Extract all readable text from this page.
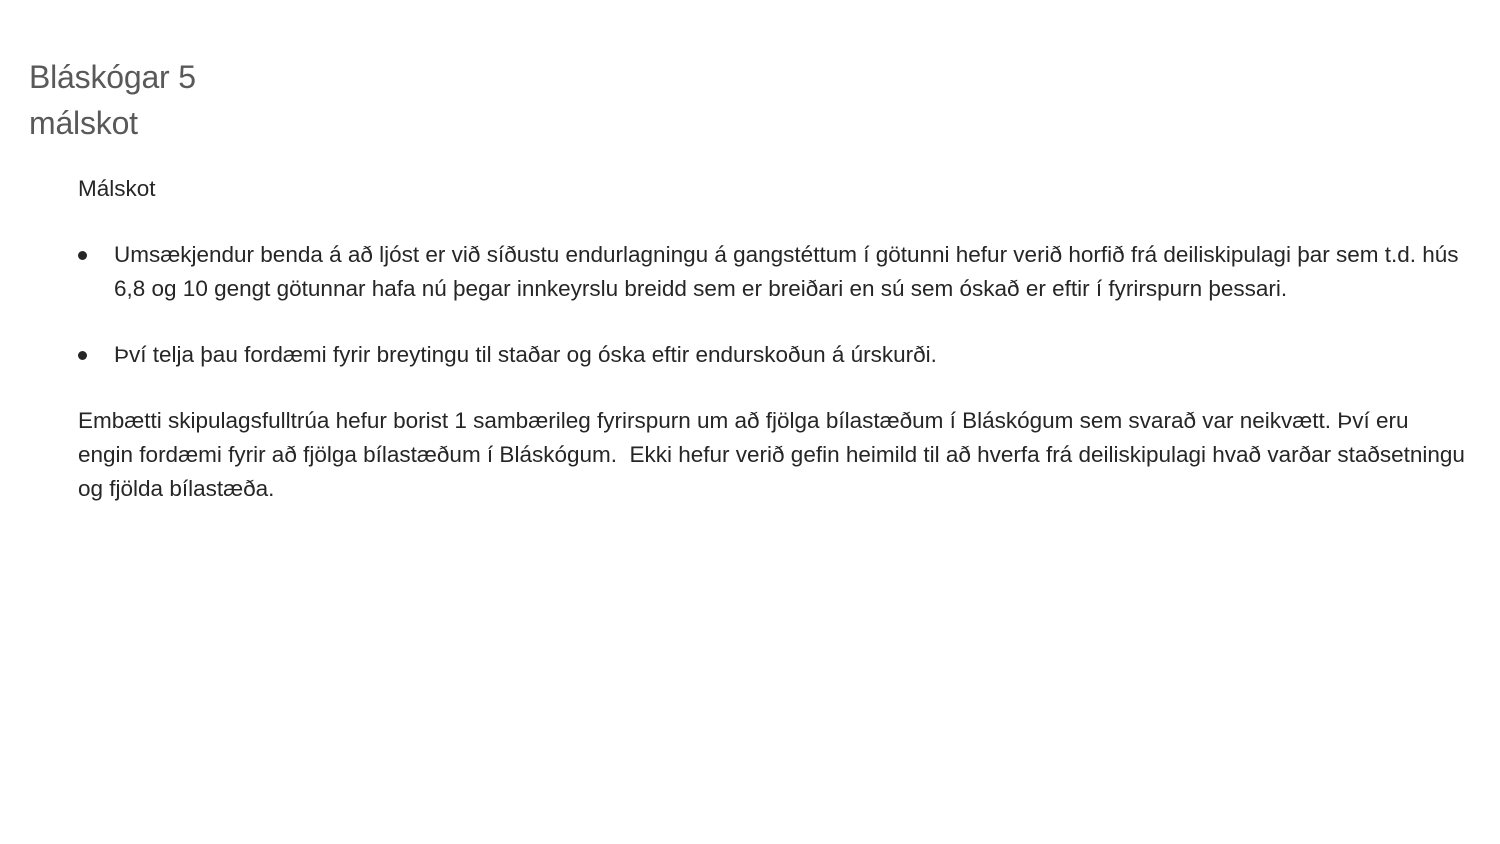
Bláskógar 5
málskot

Málskot

Umsækjendur benda á að ljóst er við síðustu endurlagningu á gangstéttum í götunni hefur verið horfið frá deiliskipulagi þar sem t.d. hús 6,8 og 10 gengt götunnar hafa nú þegar innkeyrslu breidd sem er breiðari en sú sem óskað er eftir í fyrirspurn þessari.
Því telja þau fordæmi fyrir breytingu til staðar og óska eftir endurskoðun á úrskurði.

Embætti skipulagsfulltrúa hefur borist 1 sambærileg fyrirspurn um að fjölga bílastæðum í Bláskógum sem svarað var neikvætt. Því eru engin fordæmi fyrir að fjölga bílastæðum í Bláskógum.  Ekki hefur verið gefin heimild til að hverfa frá deiliskipulagi hvað varðar staðsetningu og fjölda bílastæða.
